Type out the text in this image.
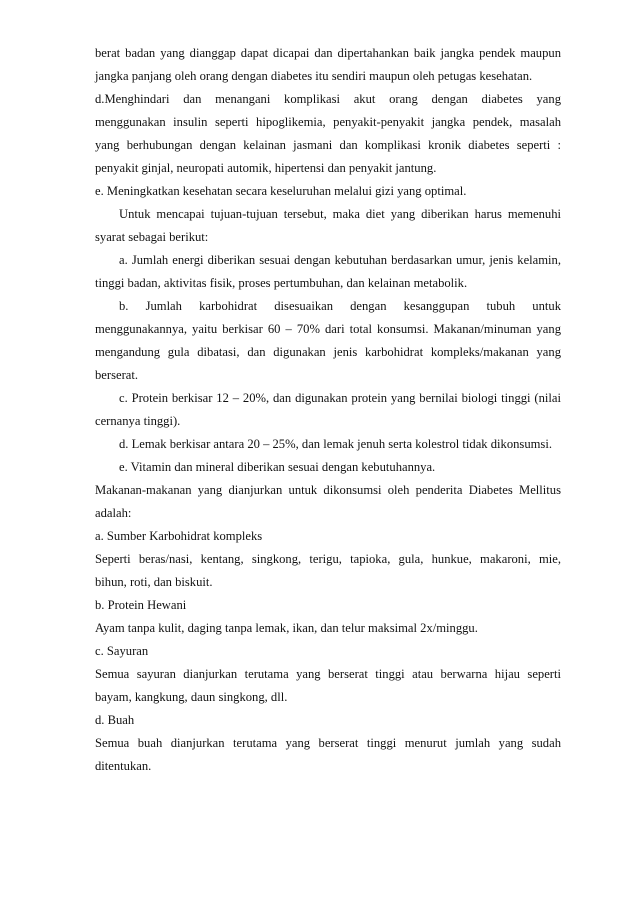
berat badan yang dianggap dapat dicapai dan dipertahankan baik jangka pendek maupun
jangka panjang oleh orang dengan diabetes itu sendiri maupun oleh petugas kesehatan.
d.Menghindari dan menangani komplikasi akut orang dengan diabetes yang
menggunakan insulin seperti hipoglikemia, penyakit-penyakit jangka pendek, masalah
yang berhubungan dengan kelainan jasmani dan komplikasi kronik diabetes seperti :
penyakit ginjal, neuropati automik, hipertensi dan penyakit jantung.
e. Meningkatkan kesehatan secara keseluruhan melalui gizi yang optimal.
Untuk mencapai tujuan-tujuan tersebut, maka diet yang diberikan harus memenuhi
syarat sebagai berikut:
a. Jumlah energi diberikan sesuai dengan kebutuhan berdasarkan umur, jenis kelamin,
tinggi badan, aktivitas fisik, proses pertumbuhan, dan kelainan metabolik.
b. Jumlah karbohidrat disesuaikan dengan kesanggupan tubuh untuk
menggunakannya, yaitu berkisar 60 – 70% dari total konsumsi. Makanan/minuman yang
mengandung gula dibatasi, dan digunakan jenis karbohidrat kompleks/makanan yang
berserat.
c. Protein berkisar 12 – 20%, dan digunakan protein yang bernilai biologi tinggi (nilai
cernanya tinggi).
d. Lemak berkisar antara 20 – 25%, dan lemak jenuh serta kolestrol tidak dikonsumsi.
e. Vitamin dan mineral diberikan sesuai dengan kebutuhannya.
Makanan-makanan yang dianjurkan untuk dikonsumsi oleh penderita Diabetes Mellitus
adalah:
a. Sumber Karbohidrat kompleks
Seperti beras/nasi, kentang, singkong, terigu, tapioka, gula, hunkue, makaroni, mie,
bihun, roti, dan biskuit.
b. Protein Hewani
Ayam tanpa kulit, daging tanpa lemak, ikan, dan telur maksimal 2x/minggu.
c. Sayuran
Semua sayuran dianjurkan terutama yang berserat tinggi atau berwarna hijau seperti
bayam, kangkung, daun singkong, dll.
d. Buah
Semua buah dianjurkan terutama yang berserat tinggi menurut jumlah yang sudah
ditentukan.
